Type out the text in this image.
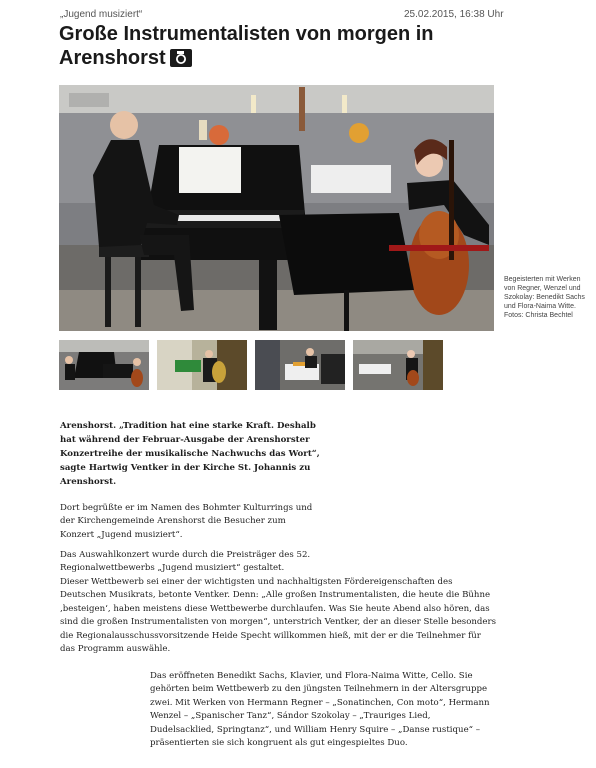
„Jugend musiziert“	25.02.2015, 16:38 Uhr
Große Instrumentalisten von morgen in Arenshorst
Begeisterten mit Werken von Regner, Wenzel und Szokolay: Benedikt Sachs und Flora-Naima Witte. Fotos: Christa Bechtel
Arenshorst. „Tradition hat eine starke Kraft. Deshalb hat während der Februar-Ausgabe der Arenshorster Konzertreihe der musikalische Nachwuchs das Wort“, sagte Hartwig Ventker in der Kirche St. Johannis zu Arenshorst.
Dort begrüßte er im Namen des Bohmter Kulturrings und der Kirchengemeinde Arenshorst die Besucher zum Konzert „Jugend musiziert“.
Das Auswahlkonzert wurde durch die Preisträger des 52. Regionalwettbewerbs „Jugend musiziert“ gestaltet.
Dieser Wettbewerb sei einer der wichtigsten und nachhaltigsten Fördereigenschaften des Deutschen Musikrats, betonte Ventker. Denn: „Alle großen Instrumentalisten, die heute die Bühne ‚besteigen‘, haben meistens diese Wettbewerbe durchlaufen. Was Sie heute Abend also hören, das sind die großen Instrumentalisten von morgen“, unterstrich Ventker, der an dieser Stelle besonders die Regionalausschussvorsitzende Heide Specht willkommen hieß, mit der er die Teilnehmer für das Programm auswähle.
Das eröffneten Benedikt Sachs, Klavier, und Flora-Naima Witte, Cello. Sie gehörten beim Wettbewerb zu den jüngsten Teilnehmern in der Altersgruppe zwei. Mit Werken von Hermann Regner – „Sonatinchen, Con moto“, Hermann Wenzel – „Spanischer Tanz“, Sándor Szokolay – „Trauriges Lied, Dudelsacklied, Springtanz“, und William Henry Squire – „Danse rustique“ – präsentierten sie sich kongruent als gut eingespieltes Duo.
